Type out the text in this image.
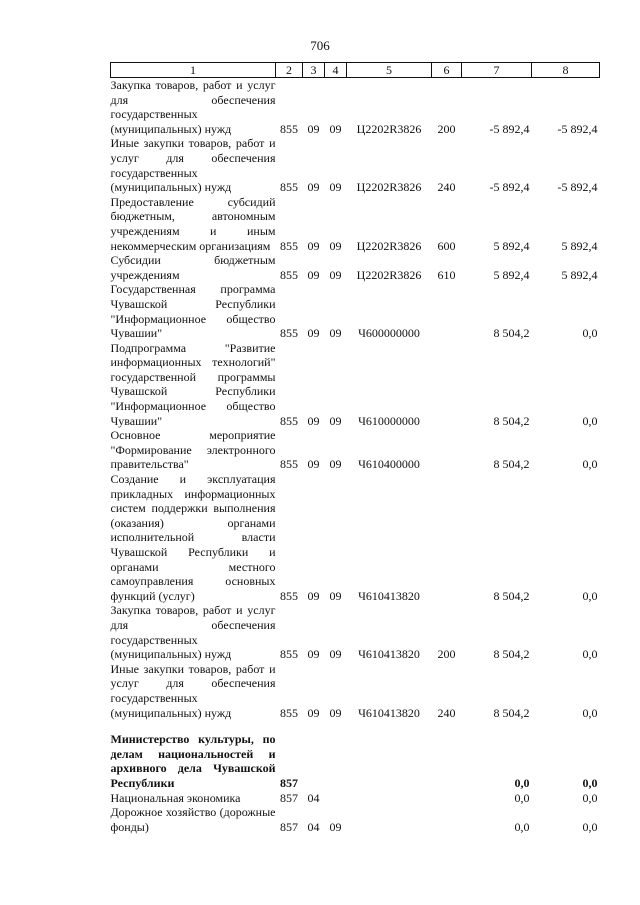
706
1	2	3	4	5	6	7	8
Закупка товаров, работ и услуг для обеспечения государственных (муниципальных) нужд	855	09	09	Ц2202R3826	200	-5 892,4	-5 892,4
Иные закупки товаров, работ и услуг для обеспечения государственных (муниципальных) нужд	855	09	09	Ц2202R3826	240	-5 892,4	-5 892,4
Предоставление субсидий бюджетным, автономным учреждениям и иным некоммерческим организациям	855	09	09	Ц2202R3826	600	5 892,4	5 892,4
Субсидии бюджетным учреждениям	855	09	09	Ц2202R3826	610	5 892,4	5 892,4
Государственная программа Чувашской Республики "Информационное общество Чувашии"	855	09	09	Ч600000000		8 504,2	0,0
Подпрограмма "Развитие информационных технологий" государственной программы Чувашской Республики "Информационное общество Чувашии"	855	09	09	Ч610000000		8 504,2	0,0
Основное мероприятие "Формирование электронного правительства"	855	09	09	Ч610400000		8 504,2	0,0
Создание и эксплуатация прикладных информационных систем поддержки выполнения (оказания) органами исполнительной власти Чувашской Республики и органами местного самоуправления основных функций (услуг)	855	09	09	Ч610413820		8 504,2	0,0
Закупка товаров, работ и услуг для обеспечения государственных (муниципальных) нужд	855	09	09	Ч610413820	200	8 504,2	0,0
Иные закупки товаров, работ и услуг для обеспечения государственных (муниципальных) нужд	855	09	09	Ч610413820	240	8 504,2	0,0

Министерство культуры, по делам национальностей и архивного дела Чувашской Республики	857					0,0	0,0
Национальная экономика	857	04				0,0	0,0
Дорожное хозяйство (дорожные фонды)	857	04	09			0,0	0,0
